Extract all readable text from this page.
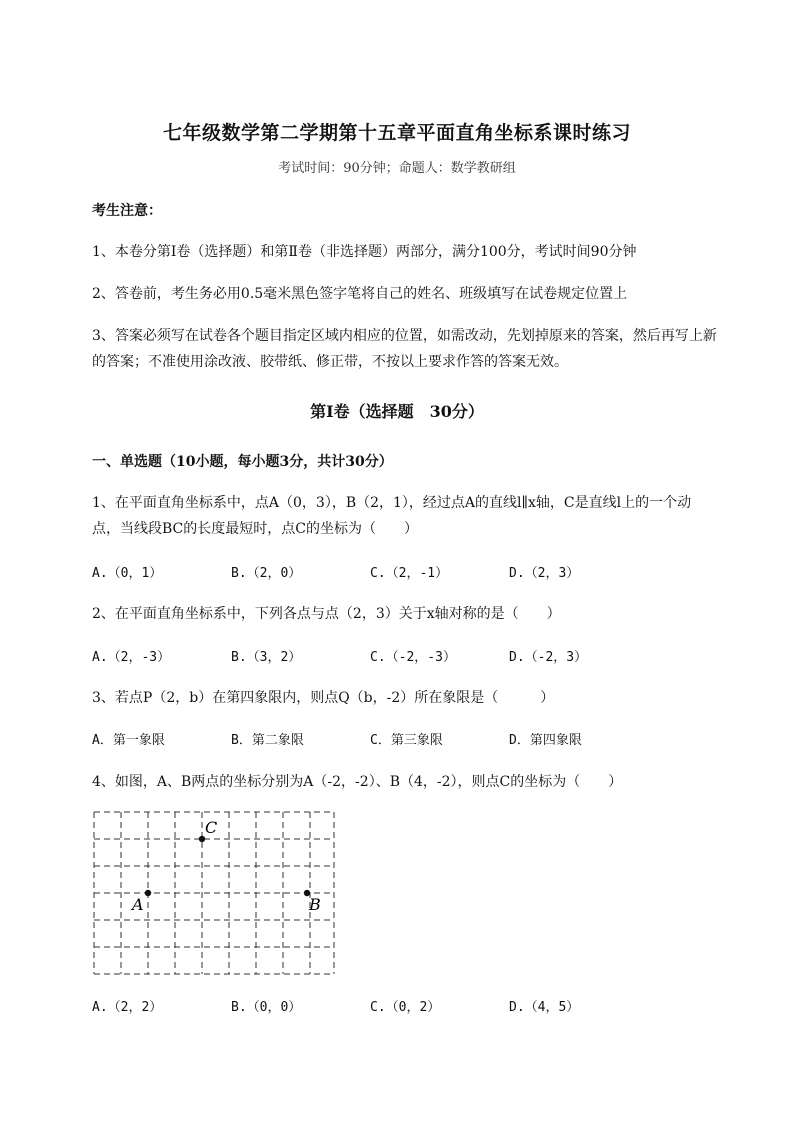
七年级数学第二学期第十五章平面直角坐标系课时练习
考试时间：90分钟；命题人：数学教研组
考生注意：
1、本卷分第I卷（选择题）和第Ⅱ卷（非选择题）两部分，满分100分，考试时间90分钟
2、答卷前，考生务必用0.5毫米黑色签字笔将自己的姓名、班级填写在试卷规定位置上
3、答案必须写在试卷各个题目指定区域内相应的位置，如需改动，先划掉原来的答案，然后再写上新
的答案；不准使用涂改液、胶带纸、修正带，不按以上要求作答的答案无效。
第I卷（选择题　30分）
一、单选题（10小题，每小题3分，共计30分）
1、在平面直角坐标系中，点A（0，3），B（2，1），经过点A的直线l∥x轴，C是直线l上的一个动
点，当线段BC的长度最短时，点C的坐标为（　　）
A.（0，1）	B.（2，0）	C.（2，-1）	D.（2，3）
2、在平面直角坐标系中，下列各点与点（2，3）关于x轴对称的是（　　）
A.（2，-3）	B.（3，2）	C.（-2，-3）	D.（-2，3）
3、若点P（2，b）在第四象限内，则点Q（b，-2）所在象限是（　　　）
A．第一象限	B．第二象限	C．第三象限	D．第四象限
4、如图，A、B两点的坐标分别为A（-2，-2）、B（4，-2），则点C的坐标为（　　）
C
A	B
A.（2，2）	B.（0，0）	C.（0，2）	D.（4，5）
